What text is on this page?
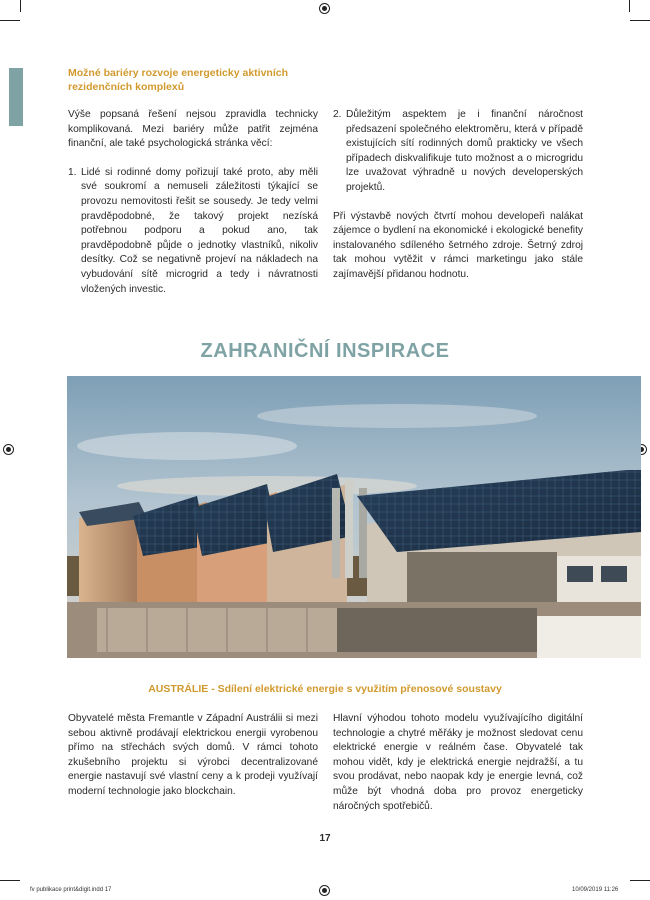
Možné bariéry rozvoje energeticky aktivních rezidenčních komplexů

Výše popsaná řešení nejsou zpravidla technicky komplikovaná. Mezi bariéry může patřit zejména finanční, ale také psychologická stránka věcí:

1. Lidé si rodinné domy pořizují také proto, aby měli své soukromí a nemuseli záležitosti týkající se provozu nemovitosti řešit se sousedy. Je tedy velmi pravděpodobné, že takový projekt nezíská potřebnou podporu a pokud ano, tak pravděpodobně půjde o jednotky vlastníků, nikoliv desítky. Což se negativně projeví na nákladech na vybudování sítě microgrid a tedy i návratnosti vložených investic.
2. Důležitým aspektem je i finanční náročnost předsazení společného elektroměru, která v případě existujících sítí rodinných domů prakticky ve všech případech diskvalifikuje tuto možnost a o microgridu lze uvažovat výhradně u nových developerských projektů.

Při výstavbě nových čtvrtí mohou developeři nalákat zájemce o bydlení na ekonomické i ekologické benefity instalovaného sdíleného šetrného zdroje. Šetrný zdroj tak mohou vytěžit v rámci marketingu jako stále zajímavější přidanou hodnotu.

ZAHRANIČNÍ INSPIRACE
AUSTRÁLIE - Sdílení elektrické energie s využitím přenosové soustavy

Obyvatelé města Fremantle v Západní Austrálii si mezi sebou aktivně prodávají elektrickou energii vyrobenou přímo na střechách svých domů. V rámci tohoto zkušebního projektu si výrobci decentralizované energie nastavují své vlastní ceny a k prodeji využívají moderní technologie jako blockchain.

Hlavní výhodou tohoto modelu využívajícího digitální technologie a chytré měřáky je možnost sledovat cenu elektrické energie v reálném čase. Obyvatelé tak mohou vidět, kdy je elektrická energie nejdražší, a tu svou prodávat, nebo naopak kdy je energie levná, což může být vhodná doba pro provoz energeticky náročných spotřebičů.

17
fv publikace print&digit.indd 17	10/09/2019 11:26
